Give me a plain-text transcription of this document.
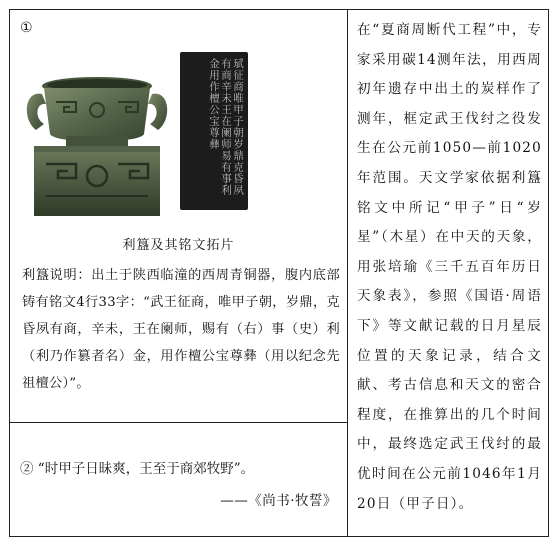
①
珷征商唯甲子朝岁鼎克昏夙有商辛未王在阑师易有事利金用作檀公宝尊彝
利簋及其铭文拓片
利簋说明：出土于陕西临潼的西周青铜器，腹内底部铸有铭文4行33字：“武王征商，唯甲子朝，岁鼎，克昏夙有商，辛未，王在阑师，赐有（右）事（史）利（利乃作篡者名）金，用作檀公宝尊彝（用以纪念先祖檀公）”。
② “时甲子日昧爽，王至于商郊牧野”。
——《尚书·牧誓》

在“夏商周断代工程”中，专家采用碳14测年法，用西周初年遗存中出土的炭样作了测年，框定武王伐纣之役发生在公元前1050—前1020年范围。天文学家依据利簋铭文中所记“甲子”日“岁星”（木星）在中天的天象，用张培瑜《三千五百年历日天象表》，参照《国语·周语下》等文献记载的日月星辰位置的天象记录，结合文献、考古信息和天文的密合程度，在推算出的几个时间中，最终选定武王伐纣的最优时间在公元前1046年1月20日（甲子日）。
